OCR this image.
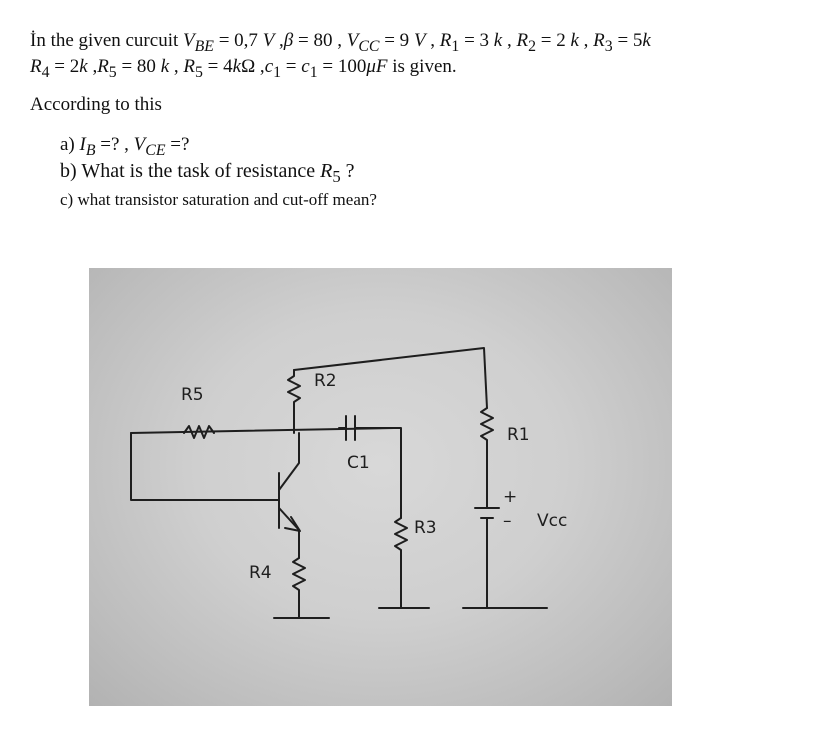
İn the given curcuit $V_{BE} = 0,7$ V ,β = 80 , $V_{CC} = 9$ V , $R_1 = 3$ k , $R_2 = 2$ k , $R_3 = 5k$
$R_4 = 2k$ $,R_5 = 80$ k , $R_5 = 4k\Omega$ $,c_1 = c_1 = 100\mu F$ is given.
According to this
a) $I_B$ =? , $V_{CE}$ =?
b) What is the task of resistance $R_5$ ?
c) what transistor saturation and cut-off mean?
R5
R2
C1
R1
R3
R4
Vcc
+
–
